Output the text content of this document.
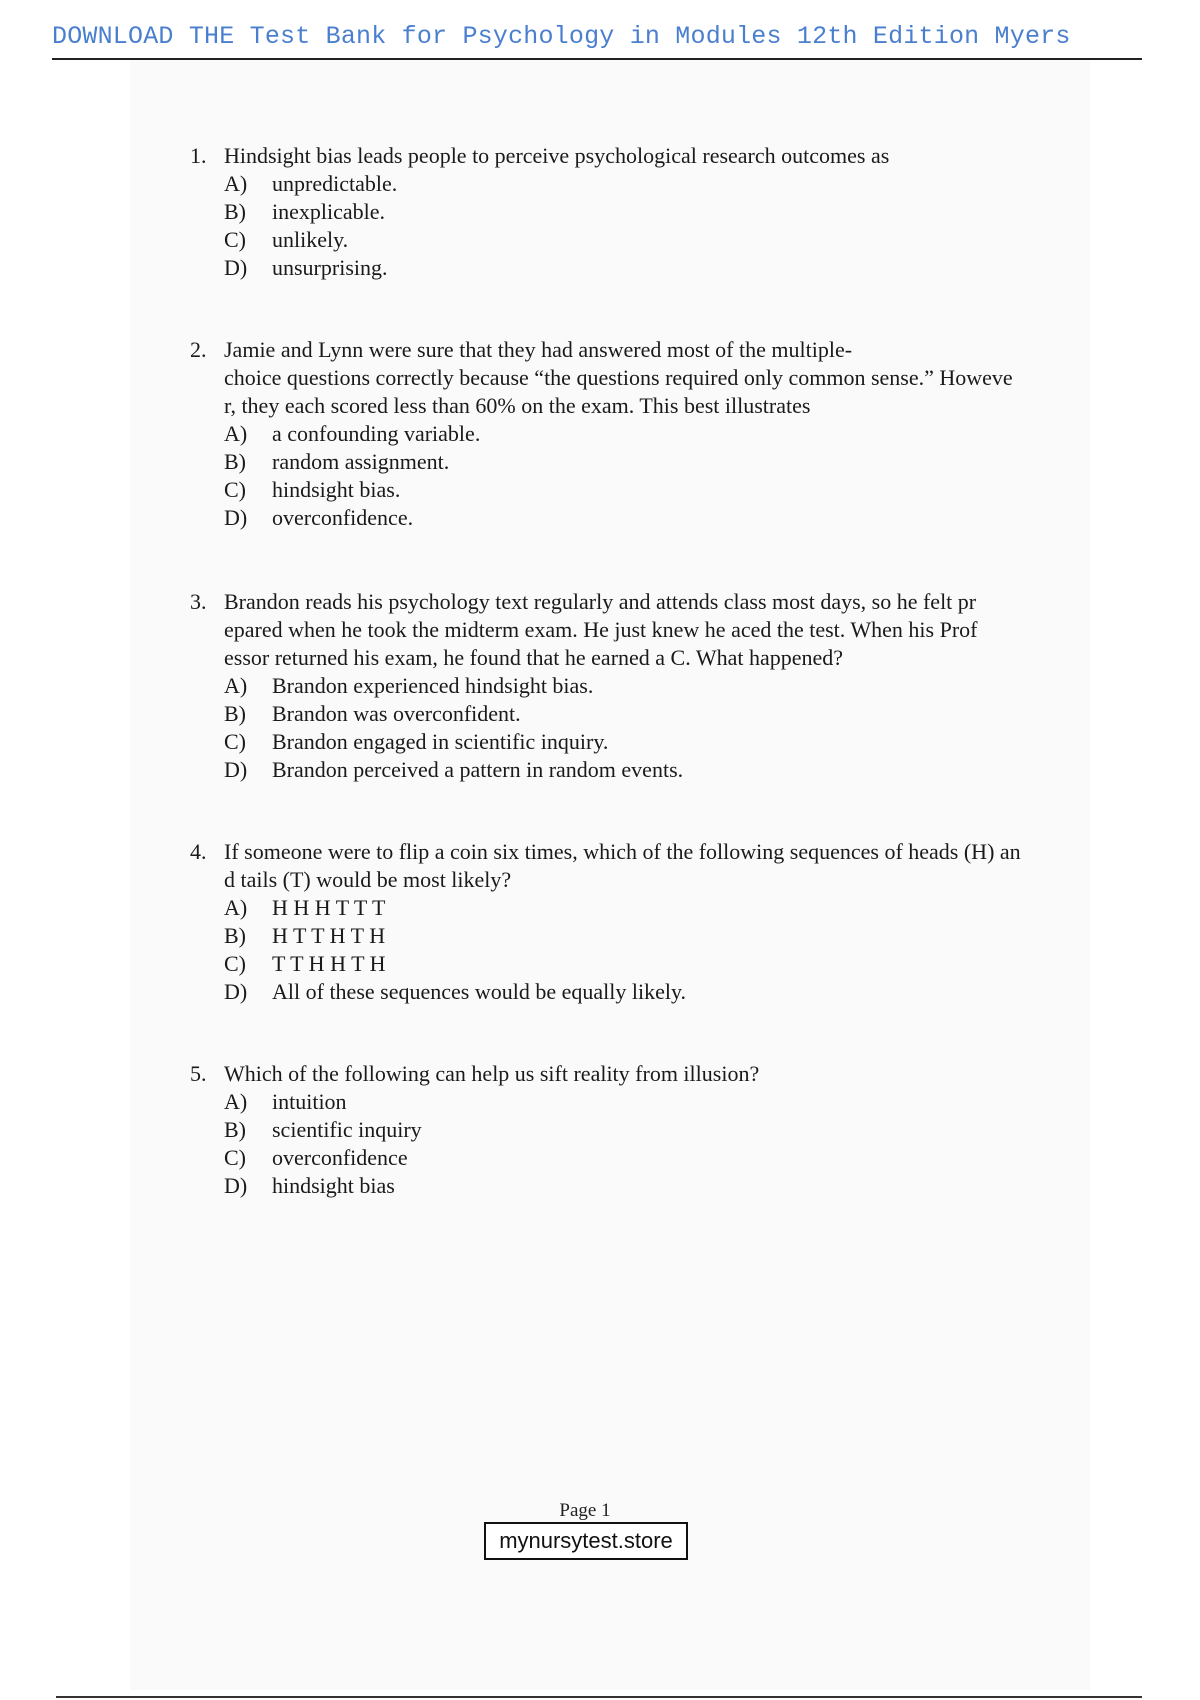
DOWNLOAD THE Test Bank for Psychology in Modules 12th Edition Myers
1. Hindsight bias leads people to perceive psychological research outcomes as
A)	unpredictable.
B)	inexplicable.
C)	unlikely.
D)	unsurprising.
2. Jamie and Lynn were sure that they had answered most of the multiple-
choice questions correctly because “the questions required only common sense.” Howeve
r, they each scored less than 60% on the exam. This best illustrates
A)	a confounding variable.
B)	random assignment.
C)	hindsight bias.
D)	overconfidence.
3. Brandon reads his psychology text regularly and attends class most days, so he felt pr
epared when he took the midterm exam. He just knew he aced the test. When his Prof
essor returned his exam, he found that he earned a C. What happened?
A)	Brandon experienced hindsight bias.
B)	Brandon was overconfident.
C)	Brandon engaged in scientific inquiry.
D)	Brandon perceived a pattern in random events.
4. If someone were to flip a coin six times, which of the following sequences of heads (H) an
d tails (T) would be most likely?
A)	H H H T T T
B)	H T T H T H
C)	T T H H T H
D)	All of these sequences would be equally likely.
5. Which of the following can help us sift reality from illusion?
A)	intuition
B)	scientific inquiry
C)	overconfidence
D)	hindsight bias
Page 1
mynursytest.store
